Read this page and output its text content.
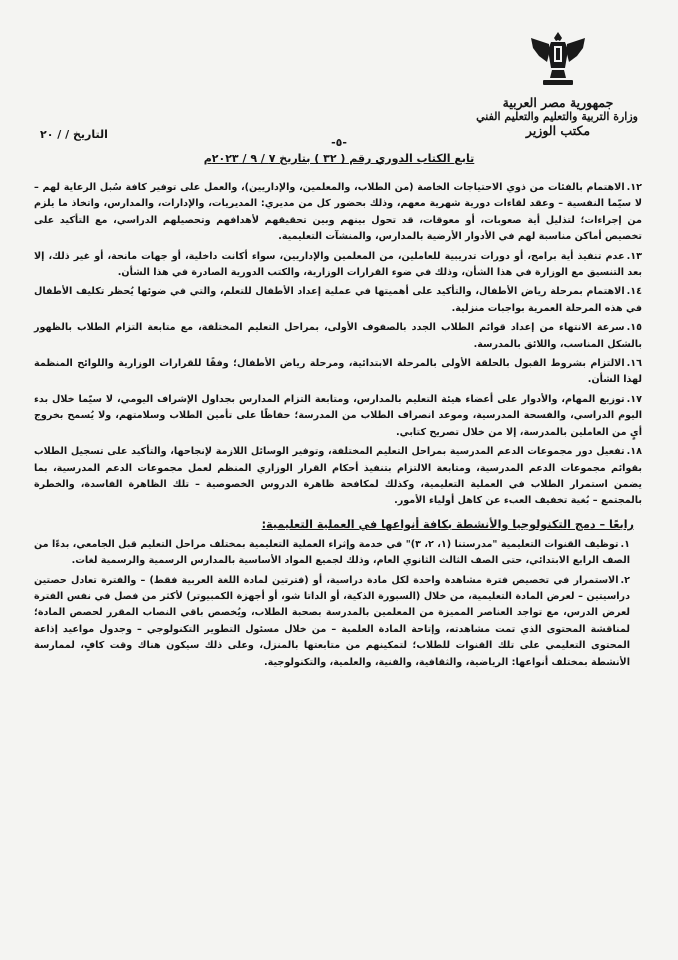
جمهورية مصر العربية
وزارة التربية والتعليم والتعليم الفني
مكتب الوزير
التاريخ / / ٢٠
-٥-
تابع الكتاب الدوري رقم ( ٣٢ ) بتاريخ ٧ / ٩ / ٢٠٢٣م
١٢.الاهتمام بالفئات من ذوي الاحتياجات الخاصة (من الطلاب، والمعلمين، والإداريين)، والعمل على توفير كافة سُبل الرعاية لهم – لا سيّما النفسية – وعقد لقاءات دورية شهرية معهم، وذلك بحضور كل من مديري: المديريات، والإدارات، والمدارس، واتخاذ ما يلزم من إجراءات؛ لتذليل أية صعوبات، أو معوقات، قد تحول بينهم وبين تحقيقهم لأهدافهم وتحصيلهم الدراسي، مع التأكيد على تخصيص أماكن مناسبة لهم في الأدوار الأرضية بالمدارس، والمنشآت التعليمية.
١٣.عدم تنفيذ أية برامج، أو دورات تدريبية للعاملين، من المعلمين والإداريين، سواء أكانت داخلية، أو جهات مانحة، أو غير ذلك، إلا بعد التنسيق مع الوزارة في هذا الشأن، وذلك في ضوء القرارات الوزارية، والكتب الدورية الصادرة في هذا الشأن.
١٤.الاهتمام بمرحلة رياض الأطفال، والتأكيد على أهميتها في عملية إعداد الأطفال للتعلم، والتي في ضوئها يُحظر تكليف الأطفال في هذه المرحلة العمرية بواجبات منزلية.
١٥.سرعة الانتهاء من إعداد قوائم الطلاب الجدد بالصفوف الأولى، بمراحل التعليم المختلفة، مع متابعة التزام الطلاب بالظهور بالشكل المناسب، واللائق بالمدرسة.
١٦.الالتزام بشروط القبول بالحلقة الأولى بالمرحلة الابتدائية، ومرحلة رياض الأطفال؛ وفقًا للقرارات الوزارية واللوائح المنظمة لهذا الشأن.
١٧.توزيع المهام، والأدوار على أعضاء هيئة التعليم بالمدارس، ومتابعة التزام المدارس بجداول الإشراف اليومي، لا سيّما خلال بدء اليوم الدراسي، والفسحة المدرسية، وموعد انصراف الطلاب من المدرسة؛ حفاظًا على تأمين الطلاب وسلامتهم، ولا يُسمح بخروج أيٍ من العاملين بالمدرسة، إلا من خلال تصريح كتابي.
١٨.تفعيل دور مجموعات الدعم المدرسية بمراحل التعليم المختلفة، وتوفير الوسائل اللازمة لإنجاحها، والتأكيد على تسجيل الطلاب بقوائم مجموعات الدعم المدرسية، ومتابعة الالتزام بتنفيذ أحكام القرار الوزاري المنظم لعمل مجموعات الدعم المدرسية، بما يضمن استمرار الطلاب في العملية التعليمية، وكذلك لمكافحة ظاهرة الدروس الخصوصية – تلك الظاهرة الفاسدة، والخطرة بالمجتمع – بُغية تخفيف العبء عن كاهل أولياء الأمور.
رابعًا – دمج التكنولوجيا والأنشطة بكافة أنواعها في العملية التعليمية:
١.توظيف القنوات التعليمية "مدرستنا (١، ٢، ٣)" في خدمة وإثراء العملية التعليمية بمختلف مراحل التعليم قبل الجامعي، بدءًا من الصف الرابع الابتدائي، حتى الصف الثالث الثانوي العام، وذلك لجميع المواد الأساسية بالمدارس الرسمية والرسمية لغات.
٢.الاستمرار في تخصيص فترة مشاهدة واحدة لكل مادة دراسية، أو (فترتين لمادة اللغة العربية فقط) – والفترة تعادل حصتين دراسيتين – لعرض المادة التعليمية، من خلال (السبورة الذكية، أو الداتا شو، أو أجهزة الكمبيوتر) لأكثر من فصل في نفس الفترة لعرض الدرس، مع تواجد العناصر المميزة من المعلمين بالمدرسة بصحبة الطلاب، ويُخصص باقي النصاب المقرر لحصص المادة؛ لمناقشة المحتوى الذي تمت مشاهدته، وإتاحة المادة العلمية – من خلال مسئول التطوير التكنولوجي – وجدول مواعيد إذاعة المحتوى التعليمي على تلك القنوات للطلاب؛ لتمكينهم من متابعتها بالمنزل، وعلى ذلك سيكون هناك وقت كافٍ، لممارسة الأنشطة بمختلف أنواعها: الرياضية، والثقافية، والفنية، والعلمية، والتكنولوجية.
